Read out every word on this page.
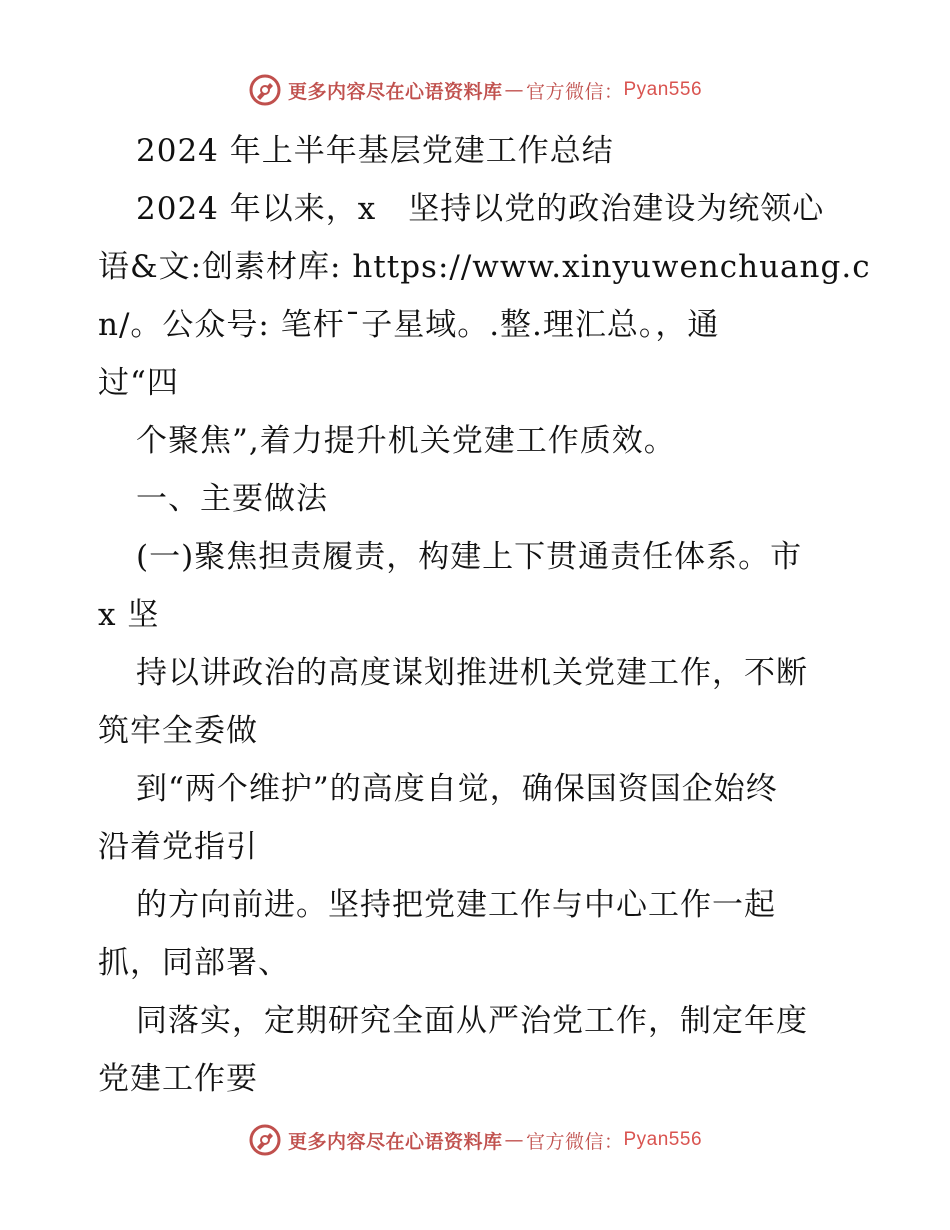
更多内容尽在心语资料库 — 官方微信： Pyan556
2024 年上半年基层党建工作总结
2024 年以来，x　坚持以党的政治建设为统领心
语&文:创素材库: https://www.xinyuwenchuang.c
n/。公众号: 笔杆¯子星域。.整.理汇总。，通
过“四
个聚焦”,着力提升机关党建工作质效。
一、主要做法
(一)聚焦担责履责，构建上下贯通责任体系。市
x 坚
持以讲政治的高度谋划推进机关党建工作，不断
筑牢全委做
到“两个维护”的高度自觉，确保国资国企始终
沿着党指引
的方向前进。坚持把党建工作与中心工作一起
抓，同部署、
同落实，定期研究全面从严治党工作，制定年度
党建工作要
更多内容尽在心语资料库 — 官方微信： Pyan556
